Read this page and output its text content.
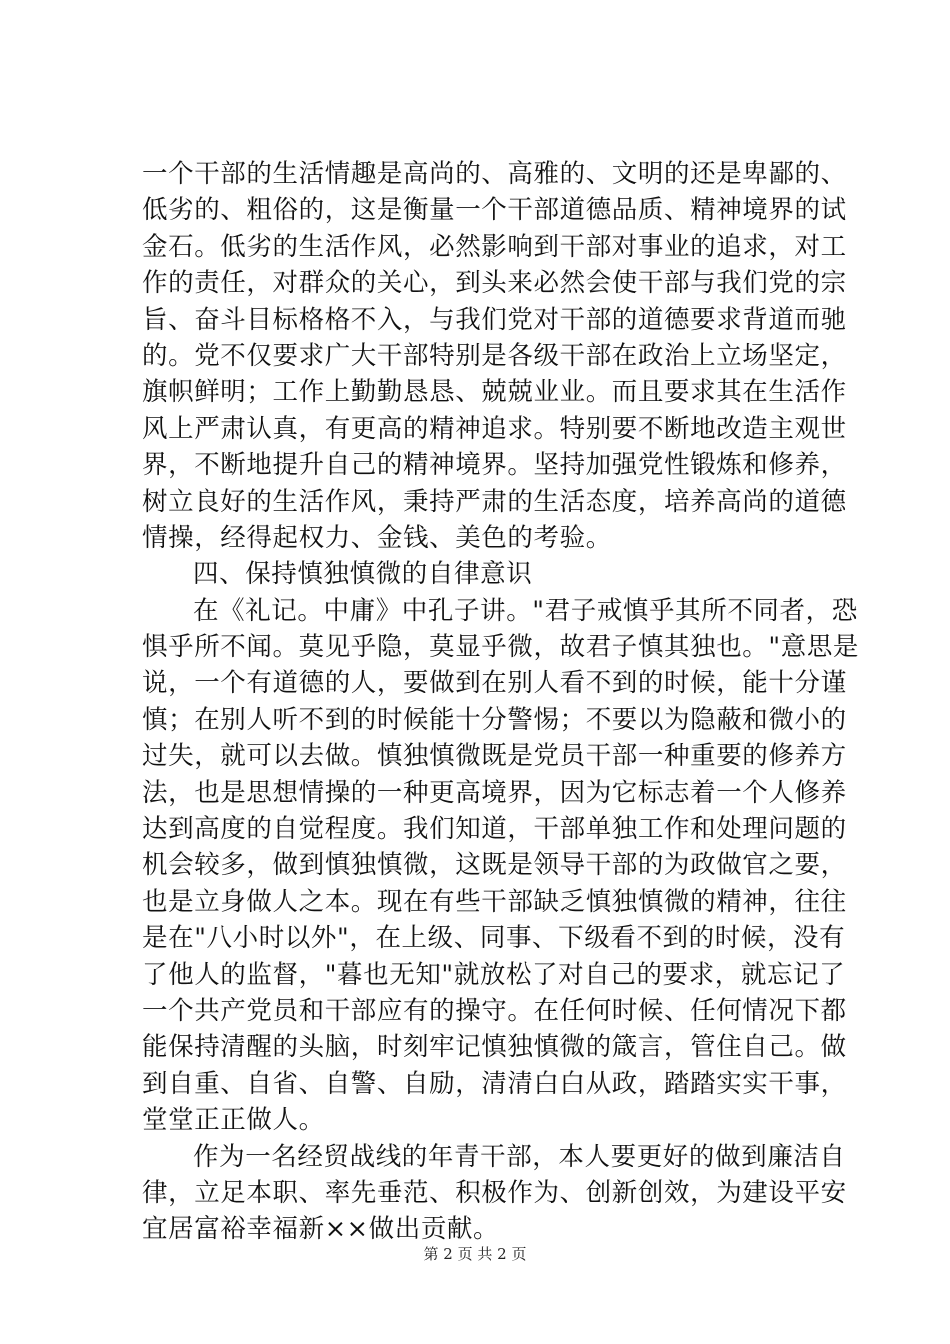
一个干部的生活情趣是高尚的、高雅的、文明的还是卑鄙的、
低劣的、粗俗的，这是衡量一个干部道德品质、精神境界的试
金石。低劣的生活作风，必然影响到干部对事业的追求，对工
作的责任，对群众的关心，到头来必然会使干部与我们党的宗
旨、奋斗目标格格不入，与我们党对干部的道德要求背道而驰
的。党不仅要求广大干部特别是各级干部在政治上立场坚定，
旗帜鲜明；工作上勤勤恳恳、兢兢业业。而且要求其在生活作
风上严肃认真，有更高的精神追求。特别要不断地改造主观世
界，不断地提升自己的精神境界。坚持加强党性锻炼和修养，
树立良好的生活作风，秉持严肃的生活态度，培养高尚的道德
情操，经得起权力、金钱、美色的考验。
四、保持慎独慎微的自律意识
在《礼记。中庸》中孔子讲。"君子戒慎乎其所不同者，恐
惧乎所不闻。莫见乎隐，莫显乎微，故君子慎其独也。"意思是
说，一个有道德的人，要做到在别人看不到的时候，能十分谨
慎；在别人听不到的时候能十分警惕；不要以为隐蔽和微小的
过失，就可以去做。慎独慎微既是党员干部一种重要的修养方
法，也是思想情操的一种更高境界，因为它标志着一个人修养
达到高度的自觉程度。我们知道，干部单独工作和处理问题的
机会较多，做到慎独慎微，这既是领导干部的为政做官之要，
也是立身做人之本。现在有些干部缺乏慎独慎微的精神，往往
是在"八小时以外"，在上级、同事、下级看不到的时候，没有
了他人的监督，"暮也无知"就放松了对自己的要求，就忘记了
一个共产党员和干部应有的操守。在任何时候、任何情况下都
能保持清醒的头脑，时刻牢记慎独慎微的箴言，管住自己。做
到自重、自省、自警、自励，清清白白从政，踏踏实实干事，
堂堂正正做人。
作为一名经贸战线的年青干部，本人要更好的做到廉洁自
律，立足本职、率先垂范、积极作为、创新创效，为建设平安
宜居富裕幸福新××做出贡献。
第 2 页 共 2 页
